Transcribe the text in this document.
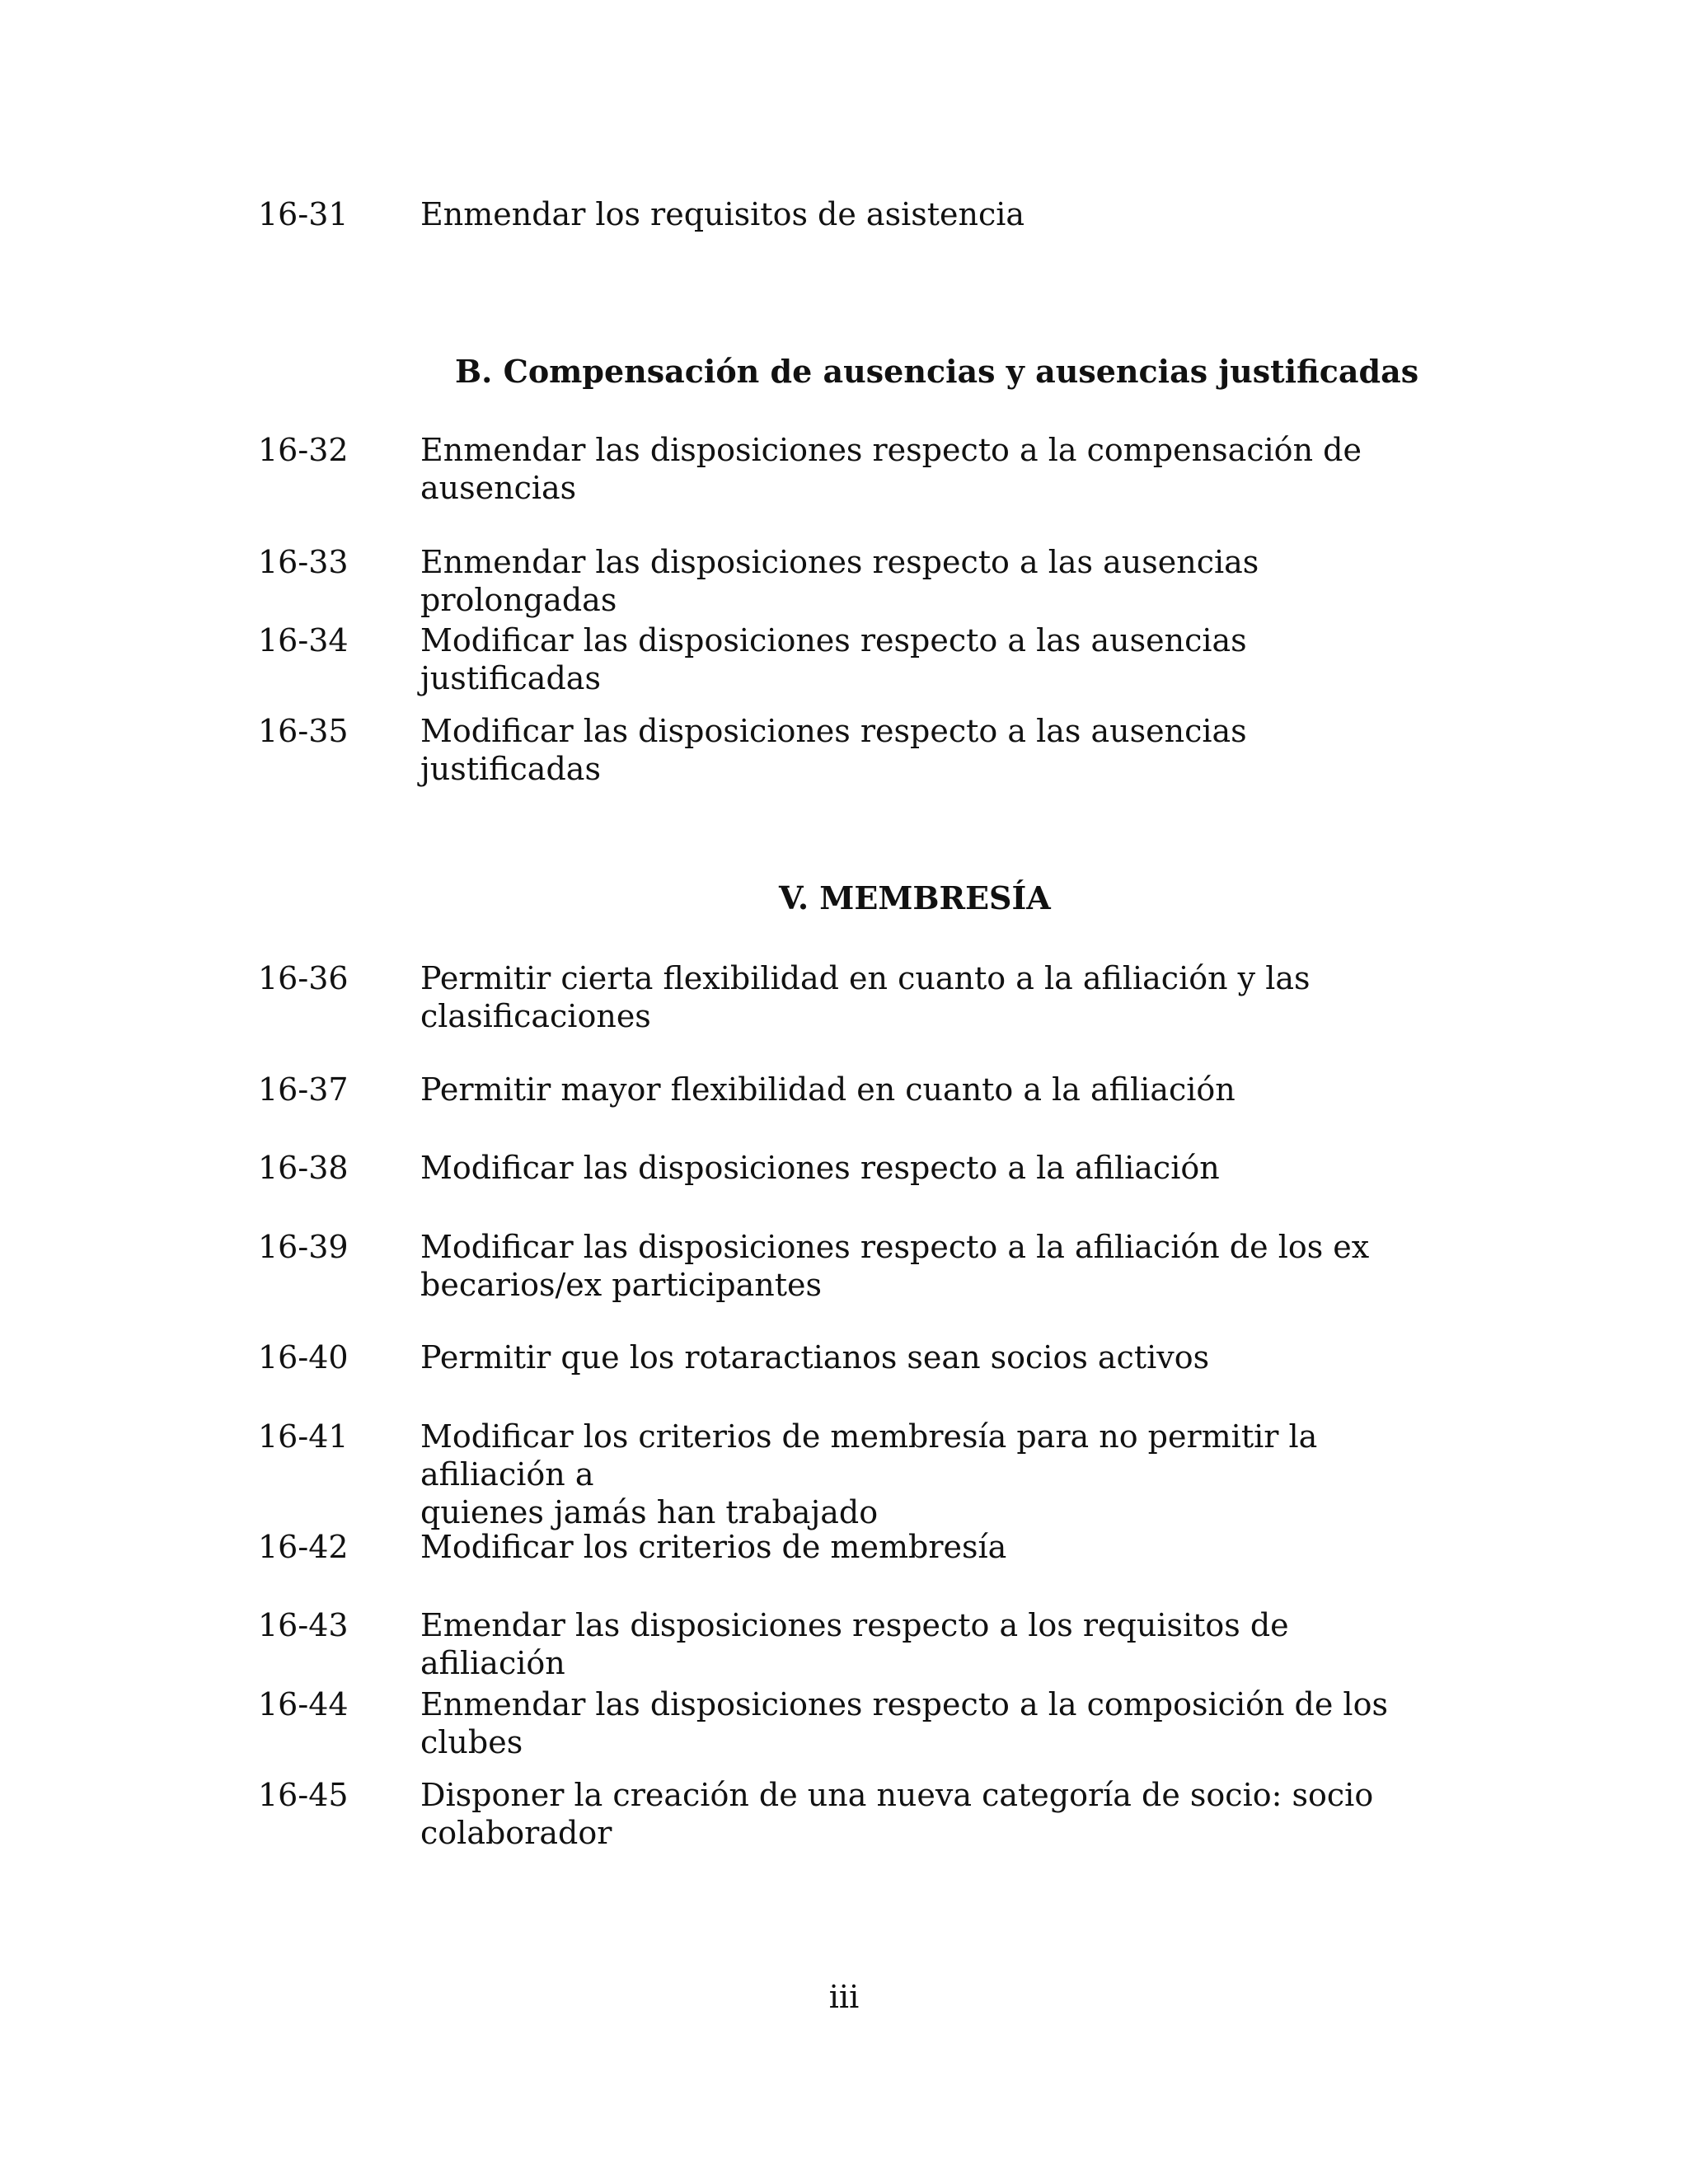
16-31	Enmendar los requisitos de asistencia
B. Compensación de ausencias y ausencias justificadas
16-32	Enmendar las disposiciones respecto a la compensación de
ausencias
16-33	Enmendar las disposiciones respecto a las ausencias prolongadas
16-34	Modificar las disposiciones respecto a las ausencias justificadas
16-35	Modificar las disposiciones respecto a las ausencias justificadas
V. MEMBRESÍA
16-36	Permitir cierta flexibilidad en cuanto a la afiliación y las
clasificaciones
16-37	Permitir mayor flexibilidad en cuanto a la afiliación
16-38	Modificar las disposiciones respecto a la afiliación
16-39	Modificar las disposiciones respecto a la afiliación de los ex
becarios/ex participantes
16-40	Permitir que los rotaractianos sean socios activos
16-41	Modificar los criterios de membresía para no permitir la afiliación a
quienes jamás han trabajado
16-42	Modificar los criterios de membresía
16-43	Emendar las disposiciones respecto a los requisitos de afiliación
16-44	Enmendar las disposiciones respecto a la composición de los clubes
16-45	Disponer la creación de una nueva categoría de socio: socio
colaborador
iii
